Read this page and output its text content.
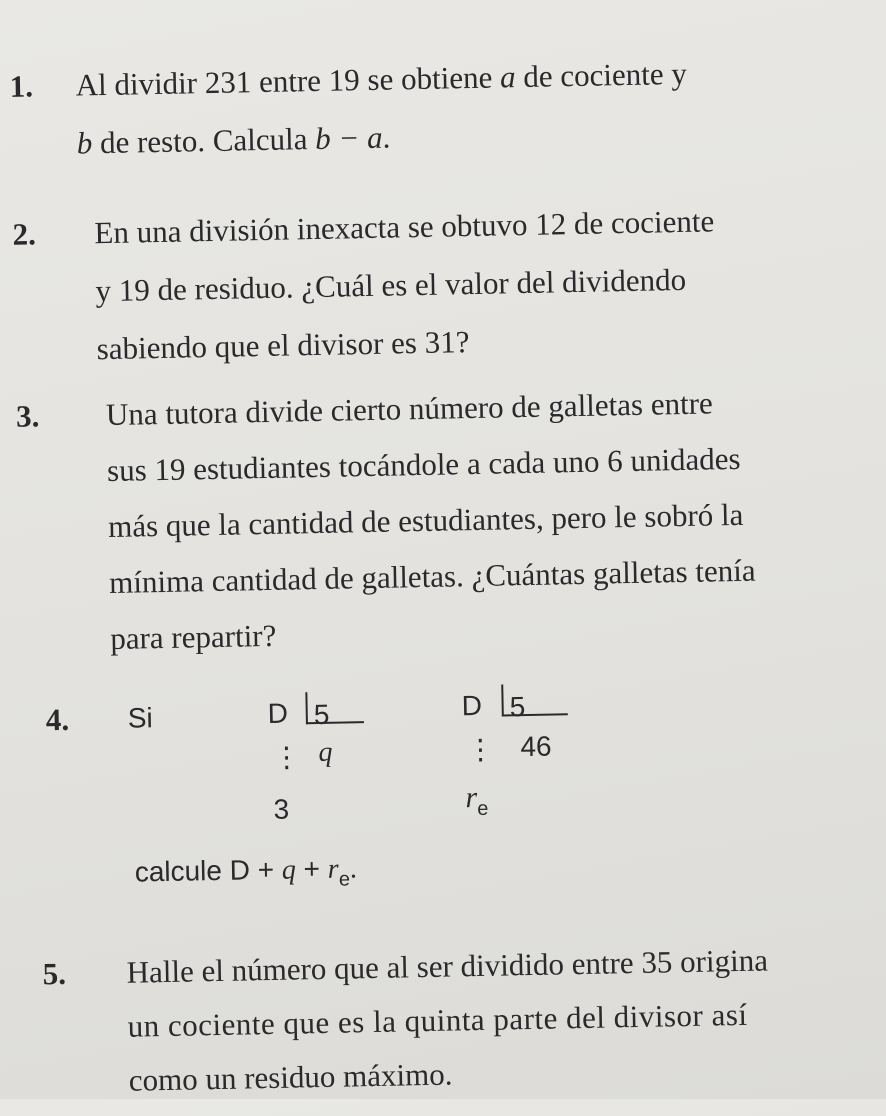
1. Al dividir 231 entre 19 se obtiene a de cociente y
b de resto. Calcula b − a.
2. En una división inexacta se obtuvo 12 de cociente
y 19 de residuo. ¿Cuál es el valor del dividendo
sabiendo que el divisor es 31?
3. Una tutora divide cierto número de galletas entre
sus 19 estudiantes tocándole a cada uno 6 unidades
más que la cantidad de estudiantes, pero le sobró la
mínima cantidad de galletas. ¿Cuántas galletas tenía
para repartir?
4. Si	D 5
⋮ q
3
D 5
⋮ 46
$r_e$
calcule $D + q + r_e$.
5. Halle el número que al ser dividido entre 35 origina
un cociente que es la quinta parte del divisor así
como un residuo máximo.
